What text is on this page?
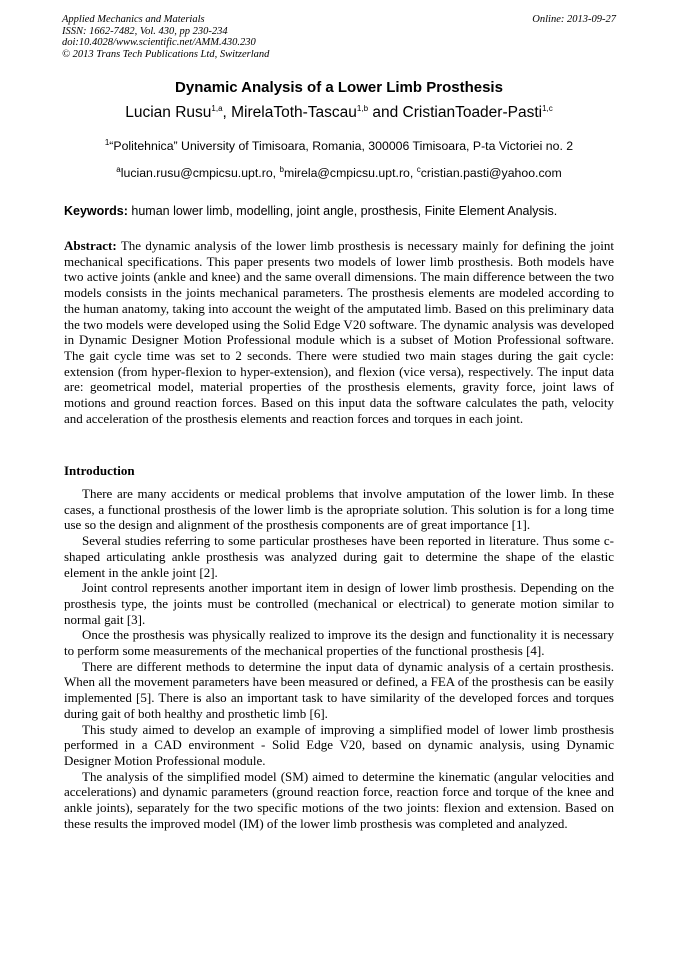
Applied Mechanics and Materials
ISSN: 1662-7482, Vol. 430, pp 230-234
doi:10.4028/www.scientific.net/AMM.430.230
© 2013 Trans Tech Publications Ltd, Switzerland
Online: 2013-09-27
Dynamic Analysis of a Lower Limb Prosthesis
Lucian Rusu$^{1,a}$, MirelaToth-Tascau$^{1,b}$ and CristianToader-Pasti$^{1,c}$
$^1$“Politehnica” University of Timisoara, Romania, 300006 Timisoara, P-ta Victoriei no. 2
$^a$lucian.rusu@cmpicsu.upt.ro, $^b$mirela@cmpicsu.upt.ro, $^c$cristian.pasti@yahoo.com
Keywords: human lower limb, modelling, joint angle, prosthesis, Finite Element Analysis.
Abstract: The dynamic analysis of the lower limb prosthesis is necessary mainly for defining the joint mechanical specifications. This paper presents two models of lower limb prosthesis. Both models have two active joints (ankle and knee) and the same overall dimensions. The main difference between the two models consists in the joints mechanical parameters. The prosthesis elements are modeled according to the human anatomy, taking into account the weight of the amputated limb. Based on this preliminary data the two models were developed using the Solid Edge V20 software. The dynamic analysis was developed in Dynamic Designer Motion Professional module which is a subset of Motion Professional software. The gait cycle time was set to 2 seconds. There were studied two main stages during the gait cycle: extension (from hyper-flexion to hyper-extension), and flexion (vice versa), respectively. The input data are: geometrical model, material properties of the prosthesis elements, gravity force, joint laws of motions and ground reaction forces. Based on this input data the software calculates the path, velocity and acceleration of the prosthesis elements and reaction forces and torques in each joint.
Introduction

There are many accidents or medical problems that involve amputation of the lower limb. In these cases, a functional prosthesis of the lower limb is the apropriate solution. This solution is for a long time use so the design and alignment of the prosthesis components are of great importance [1].

Several studies referring to some particular prostheses have been reported in literature. Thus some c-shaped articulating ankle prosthesis was analyzed during gait to determine the shape of the elastic element in the ankle joint [2].

Joint control represents another important item in design of lower limb prosthesis. Depending on the prosthesis type, the joints must be controlled (mechanical or electrical) to generate motion similar to normal gait [3].

Once the prosthesis was physically realized to improve its the design and functionality it is necessary to perform some measurements of the mechanical properties of the functional prosthesis [4].

There are different methods to determine the input data of dynamic analysis of a certain prosthesis. When all the movement parameters have been measured or defined, a FEA of the prosthesis can be easily implemented [5]. There is also an important task to have similarity of the developed forces and torques during gait of both healthy and prosthetic limb [6].

This study aimed to develop an example of improving a simplified model of lower limb prosthesis performed in a CAD environment - Solid Edge V20, based on dynamic analysis, using Dynamic Designer Motion Professional module.

The analysis of the simplified model (SM) aimed to determine the kinematic (angular velocities and accelerations) and dynamic parameters (ground reaction force, reaction force and torque of the knee and ankle joints), separately for the two specific motions of the two joints: flexion and extension. Based on these results the improved model (IM) of the lower limb prosthesis was completed and analyzed.
